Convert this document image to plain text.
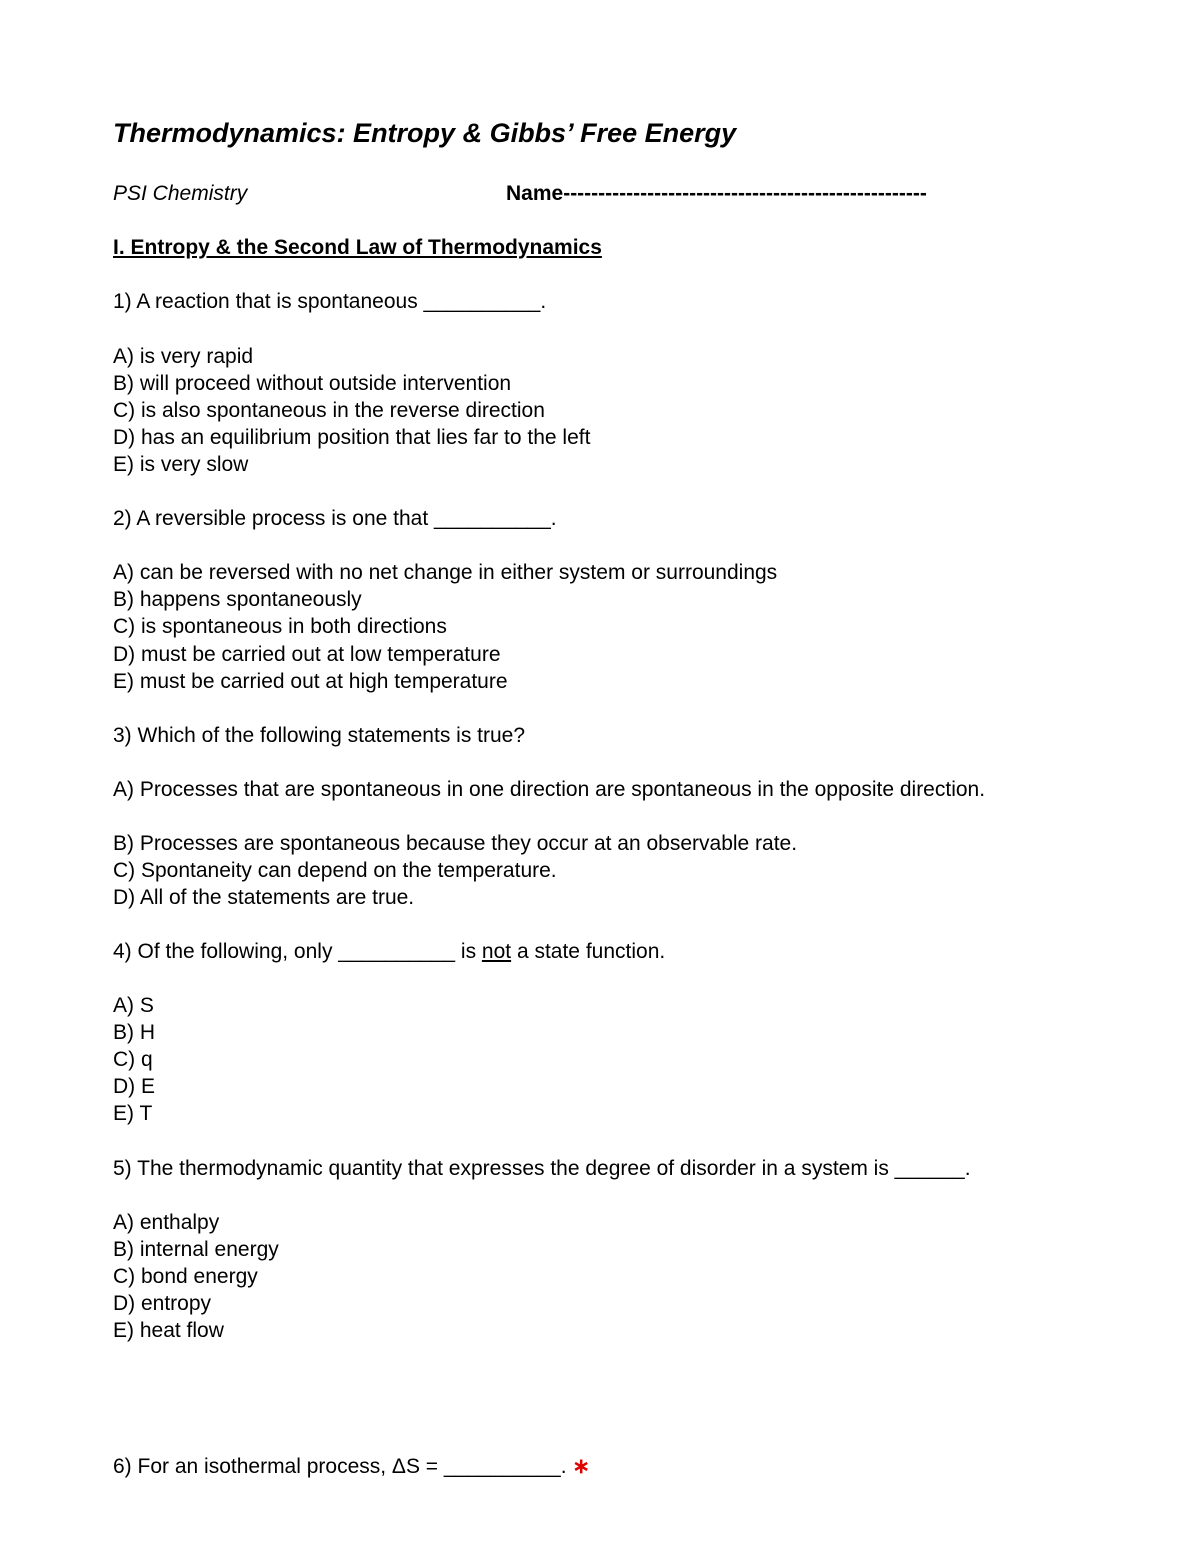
Thermodynamics: Entropy & Gibbs’ Free Energy
PSI Chemistry	Name----------------------------------------------------
I. Entropy & the Second Law of Thermodynamics
1) A reaction that is spontaneous __________.
A) is very rapid
B) will proceed without outside intervention
C) is also spontaneous in the reverse direction
D) has an equilibrium position that lies far to the left
E) is very slow
2) A reversible process is one that __________.
A) can be reversed with no net change in either system or surroundings
B) happens spontaneously
C) is spontaneous in both directions
D) must be carried out at low temperature
E) must be carried out at high temperature
3) Which of the following statements is true?
A) Processes that are spontaneous in one direction are spontaneous in the opposite direction.
B) Processes are spontaneous because they occur at an observable rate.
C) Spontaneity can depend on the temperature.
D) All of the statements are true.
4) Of the following, only __________ is not a state function.
A) S
B) H
C) q
D) E
E) T
5) The thermodynamic quantity that expresses the degree of disorder in a system is ______.
A) enthalpy
B) internal energy
C) bond energy
D) entropy
E) heat flow
6) For an isothermal process, ΔS = __________. ∗
